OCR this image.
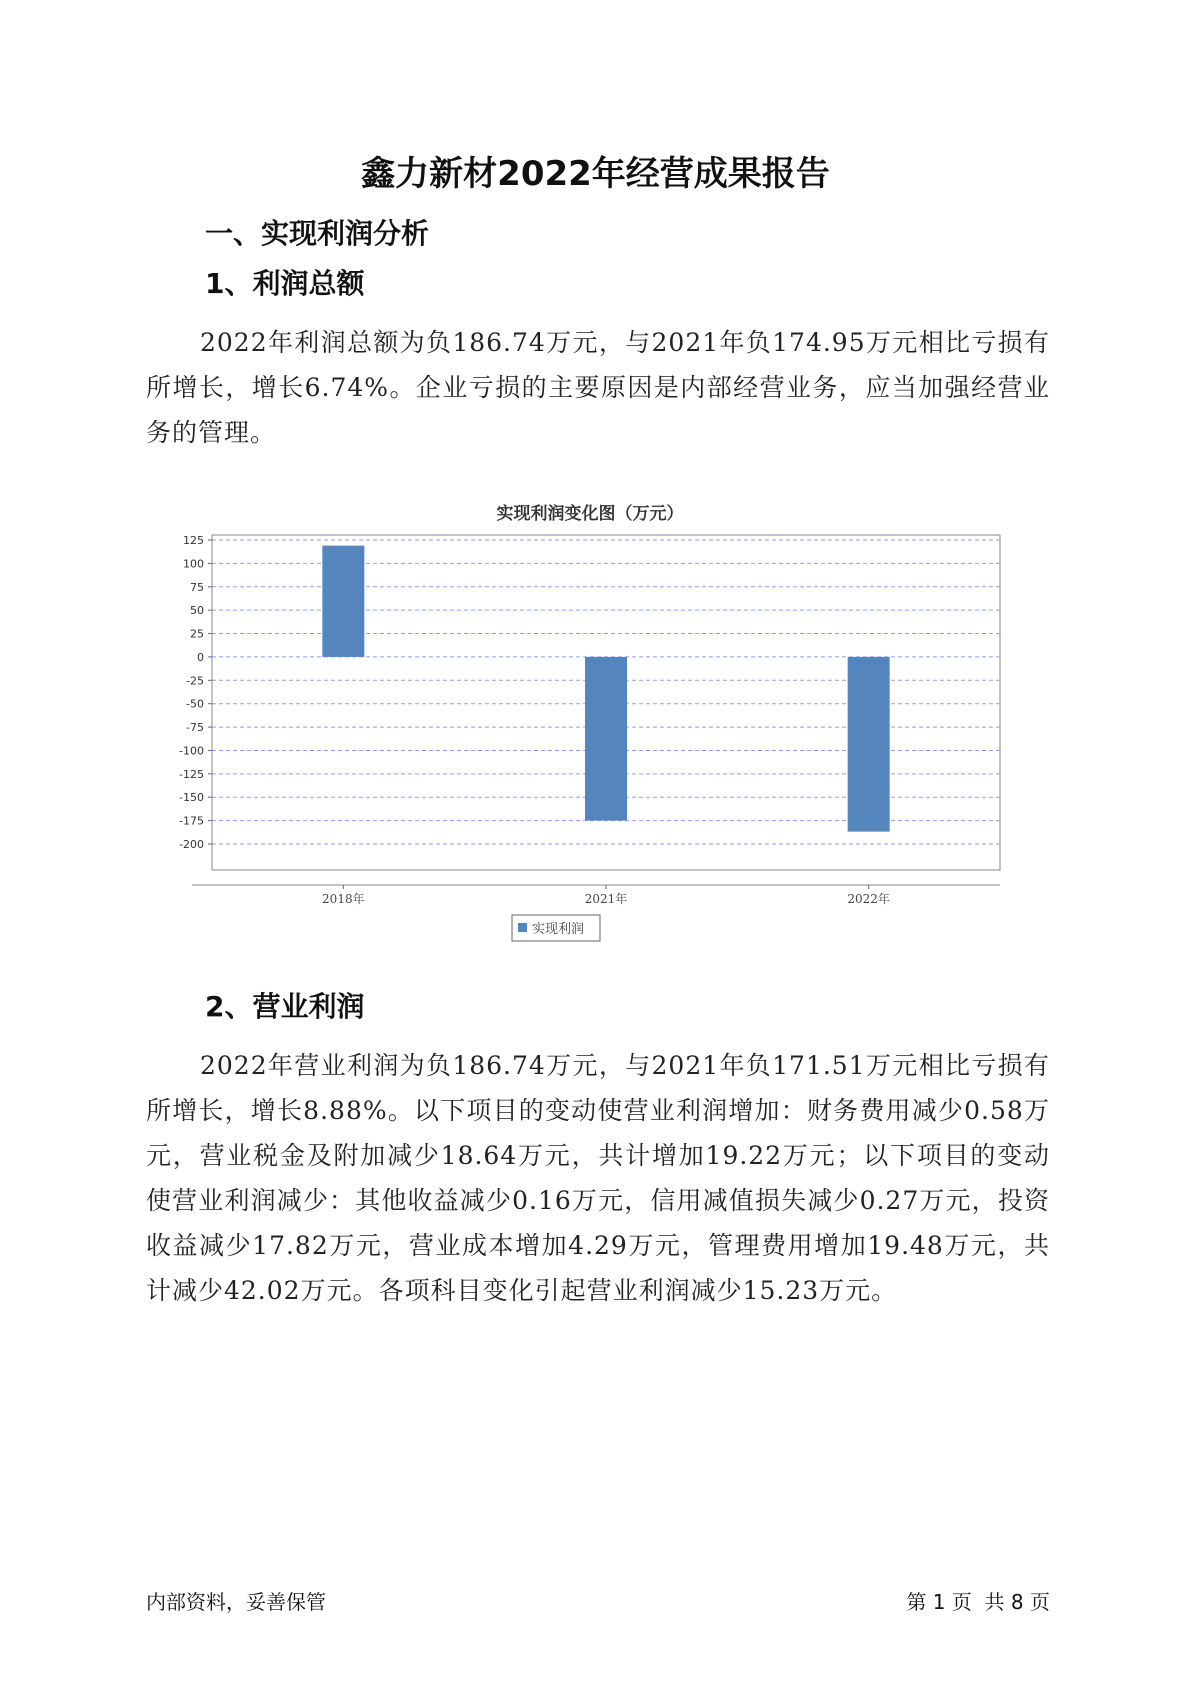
鑫力新材2022年经营成果报告
一、实现利润分析
1、利润总额

2022年利润总额为负186.74万元，与2021年负174.95万元相比亏损有所增长，增长6.74%。企业亏损的主要原因是内部经营业务，应当加强经营业务的管理。

实现利润变化图（万元）
125
100
75
50
25
0
-25
-50
-75
-100
-125
-150
-175
-200
2018年	2021年	2022年
实现利润
2、营业利润

2022年营业利润为负186.74万元，与2021年负171.51万元相比亏损有所增长，增长8.88%。以下项目的变动使营业利润增加：财务费用减少0.58万元，营业税金及附加减少18.64万元，共计增加19.22万元；以下项目的变动使营业利润减少：其他收益减少0.16万元，信用减值损失减少0.27万元，投资收益减少17.82万元，营业成本增加4.29万元，管理费用增加19.48万元，共计减少42.02万元。各项科目变化引起营业利润减少15.23万元。

内部资料，妥善保管	第 1 页  共 8 页
